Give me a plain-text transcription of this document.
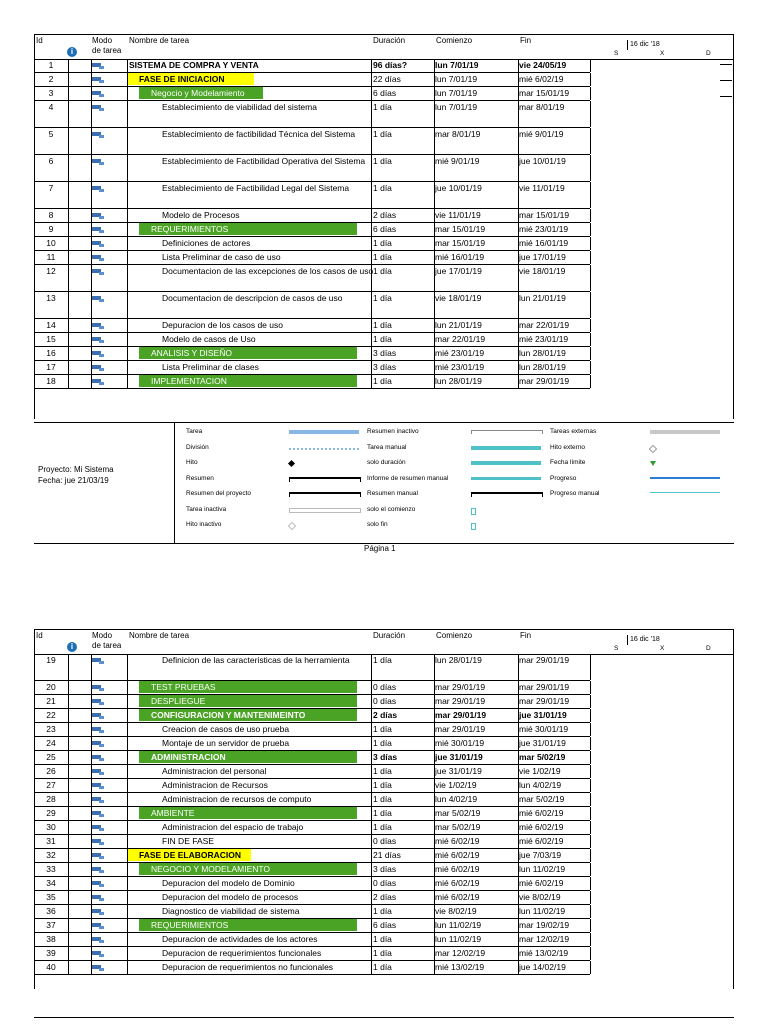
Id
i
Modo
de tarea
Nombre de tarea	Duración	Comienzo	Fin	16 dic '18
S	X	D
1	SISTEMA DE COMPRA Y VENTA	96 días?	lun 7/01/19	vie 24/05/19
2	FASE DE INICIACION	22 días	lun 7/01/19	mié 6/02/19
3	Negocio y Modelamiento	6 días	lun 7/01/19	mar 15/01/19
4	Establecimiento de viabilidad del sistema	1 día	lun 7/01/19	mar 8/01/19
5	Establecimiento de factibilidad Técnica del Sistema	1 día	mar 8/01/19	mié 9/01/19
6	Establecimiento de Factibilidad Operativa del Sistema 1 día	mié 9/01/19	jue 10/01/19
7	Establecimiento de Factibilidad Legal del Sistema	1 día	jue 10/01/19	vie 11/01/19
8	Modelo de Procesos	2 días	vie 11/01/19	mar 15/01/19
9	REQUERIMIENTOS	6 días	mar 15/01/19	mié 23/01/19
10	Definiciones de actores	1 día	mar 15/01/19	mié 16/01/19
11	Lista Preliminar de caso de uso	1 día	mié 16/01/19	jue 17/01/19
12	Documentacion de las excepciones de los casos de uso 1 día	jue 17/01/19	vie 18/01/19
13	Documentacion de descripcion de casos de uso	1 día	vie 18/01/19	lun 21/01/19
14	Depuracion de los casos de uso	1 día	lun 21/01/19	mar 22/01/19
15	Modelo de casos de Uso	1 día	mar 22/01/19	mié 23/01/19
16	ANALISIS Y DISEÑO	3 días	mié 23/01/19	lun 28/01/19
17	Lista Preliminar de clases	3 días	mié 23/01/19	lun 28/01/19
18	IMPLEMENTACION	1 día	lun 28/01/19	mar 29/01/19
Proyecto: Mi Sistema
Fecha: jue 21/03/19
Tarea
División
Hito
Resumen
Resumen del proyecto
Tarea inactiva
Hito inactivo
Resumen inactivo
Tarea manual
solo duración
Informe de resumen manual
Resumen manual
solo el comienzo
solo fin
Tareas externas
Hito externo
Fecha límite
Progreso
Progreso manual
Página 1
Id
i
Modo
de tarea
Nombre de tarea	Duración	Comienzo	Fin	16 dic '18
S	X	D
19	Definicion de las caracteristicas de la herramienta	1 día	lun 28/01/19	mar 29/01/19
20	TEST PRUEBAS	0 días	mar 29/01/19	mar 29/01/19
21	DESPLIEGUE	0 días	mar 29/01/19	mar 29/01/19
22	CONFIGURACION Y MANTENIMEINTO	2 días	mar 29/01/19	jue 31/01/19
23	Creacion de casos de uso prueba	1 día	mar 29/01/19	mié 30/01/19
24	Montaje de un servidor de prueba	1 día	mié 30/01/19	jue 31/01/19
25	ADMINISTRACION	3 días	jue 31/01/19	mar 5/02/19
26	Administracion del personal	1 día	jue 31/01/19	vie 1/02/19
27	Administracion de Recursos	1 día	vie 1/02/19	lun 4/02/19
28	Administracion de recursos de computo	1 día	lun 4/02/19	mar 5/02/19
29	AMBIENTE	1 día	mar 5/02/19	mié 6/02/19
30	Administracion del espacio de trabajo	1 día	mar 5/02/19	mié 6/02/19
31	FIN DE FASE	0 días	mié 6/02/19	mié 6/02/19
32	FASE DE ELABORACION	21 días	mié 6/02/19	jue 7/03/19
33	NEGOCIO Y MODELAMIENTO	3 días	mié 6/02/19	lun 11/02/19
34	Depuracion del modelo de Dominio	0 días	mié 6/02/19	mié 6/02/19
35	Depuracion del modelo de procesos	2 días	mié 6/02/19	vie 8/02/19
36	Diagnostico de viabilidad de sistema	1 día	vie 8/02/19	lun 11/02/19
37	REQUERIMIENTOS	6 días	lun 11/02/19	mar 19/02/19
38	Depuracion de actividades de los actores	1 día	lun 11/02/19	mar 12/02/19
39	Depuracion de requerimientos funcionales	1 día	mar 12/02/19	mié 13/02/19
40	Depuracion de requerimientos no funcionales	1 día	mié 13/02/19	jue 14/02/19
